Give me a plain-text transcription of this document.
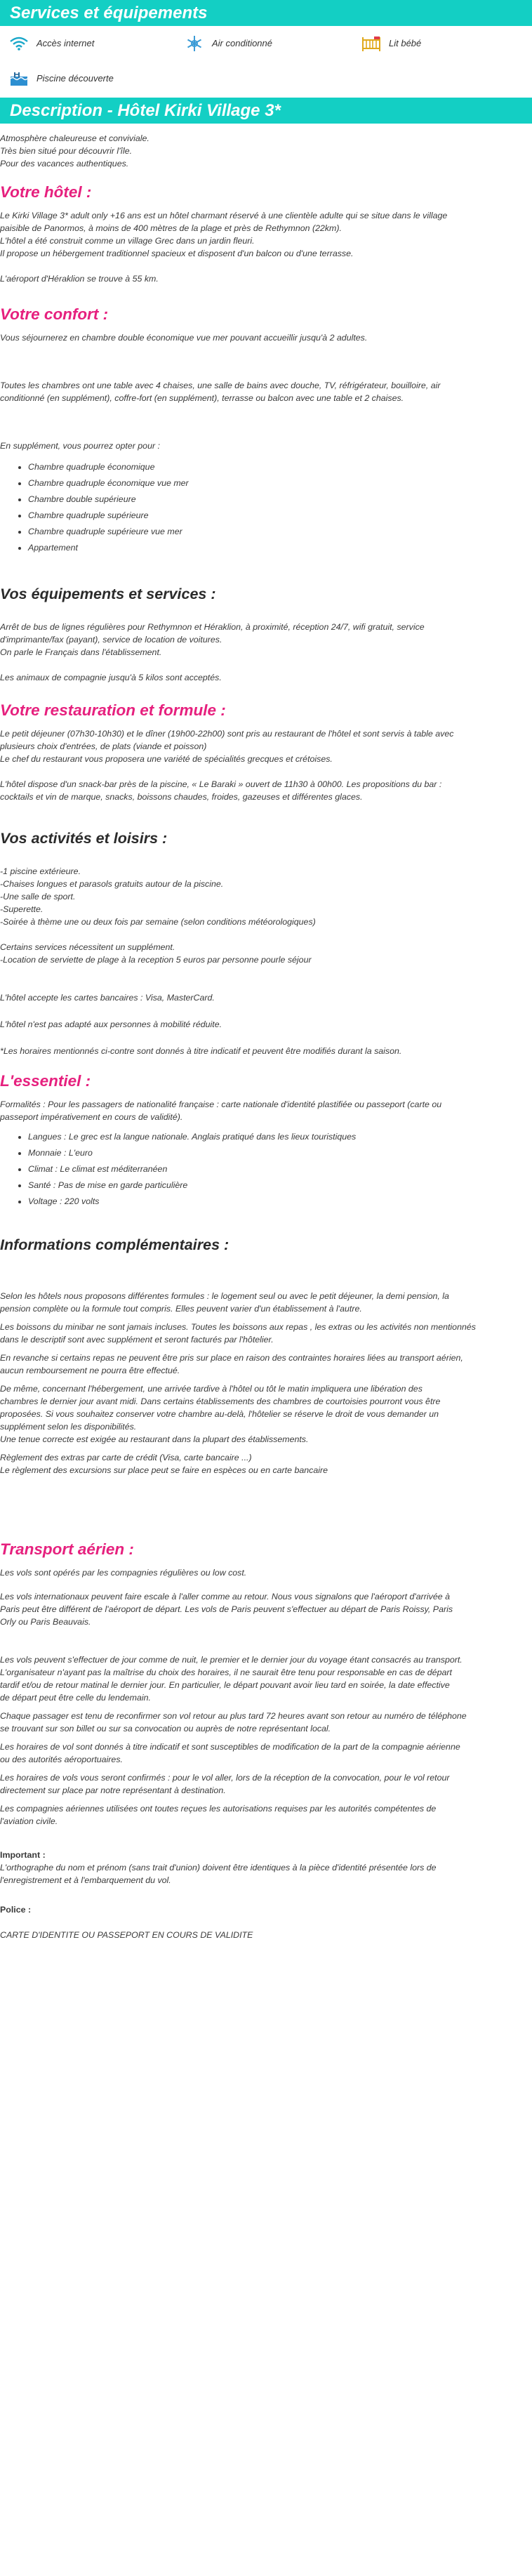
Services et équipements
Accès internet	Air conditionné	Lit bébé
Piscine découverte
Description - Hôtel Kirki Village 3*

Atmosphère chaleureuse et conviviale.

Très bien situé pour découvrir l'île.

Pour des vacances authentiques.

Votre hôtel :

Le Kirki Village 3* adult only +16 ans est un hôtel charmant réservé à une clientèle adulte qui se situe dans le village

paisible de Panormos, à moins de 400 mètres de la plage et près de Rethymnon (22km).

L'hôtel a été construit comme un village Grec dans un jardin fleuri.

Il propose un hébergement traditionnel spacieux et disposent d'un balcon ou d'une terrasse.

L'aéroport d'Héraklion se trouve à 55 km.

Votre confort :

Vous séjournerez en chambre double économique vue mer pouvant accueillir jusqu'à 2 adultes.

Toutes les chambres ont une table avec 4 chaises, une salle de bains avec douche, TV, réfrigérateur, bouilloire, air

conditionné (en supplément), coffre-fort (en supplément), terrasse ou balcon avec une table et 2 chaises.

En supplément, vous pourrez opter pour :

• Chambre quadruple économique
• Chambre quadruple économique vue mer
• Chambre double supérieure
• Chambre quadruple supérieure
• Chambre quadruple supérieure vue mer
• Appartement
Vos équipements et services :

Arrêt de bus de lignes régulières pour Rethymnon et Héraklion, à proximité, réception 24/7, wifi gratuit, service

d'imprimante/fax (payant), service de location de voitures.

On parle le Français dans l'établissement.

Les animaux de compagnie jusqu'à 5 kilos sont acceptés.

Votre restauration et formule :

Le petit déjeuner (07h30-10h30) et le dîner (19h00-22h00) sont pris au restaurant de l'hôtel et sont servis à table avec

plusieurs choix d'entrées, de plats (viande et poisson)

Le chef du restaurant vous proposera une variété de spécialités grecques et crétoises.

L'hôtel dispose d'un snack-bar près de la piscine, « Le Baraki » ouvert de 11h30 à 00h00. Les propositions du bar :

cocktails et vin de marque, snacks, boissons chaudes, froides, gazeuses et différentes glaces.

Vos activités et loisirs :

-1 piscine extérieure.

-Chaises longues et parasols gratuits autour de la piscine.

-Une salle de sport.

-Superette.

-Soirée à thème une ou deux fois par semaine (selon conditions météorologiques)

Certains services nécessitent un supplément.

-Location de serviette de plage à la reception 5 euros par personne pourle séjour

L'hôtel accepte les cartes bancaires : Visa, MasterCard.

L'hôtel n'est pas adapté aux personnes à mobilité réduite.

*Les horaires mentionnés ci-contre sont donnés à titre indicatif et peuvent être modifiés durant la saison.

L'essentiel :

Formalités : Pour les passagers de nationalité française : carte nationale d'identité plastifiée ou passeport (carte ou

passeport impérativement en cours de validité).

• Langues : Le grec est la langue nationale. Anglais pratiqué dans les lieux touristiques
• Monnaie : L'euro
• Climat : Le climat est méditerranéen
• Santé : Pas de mise en garde particulière
• Voltage : 220 volts
Informations complémentaires :

Selon les hôtels nous proposons différentes formules : le logement seul ou avec le petit déjeuner, la demi pension, la

pension complète ou la formule tout compris. Elles peuvent varier d'un établissement à l'autre.

Les boissons du minibar ne sont jamais incluses. Toutes les boissons aux repas , les extras ou les activités non mentionnés

dans le descriptif sont avec supplément et seront facturés par l'hôtelier.

En revanche si certains repas ne peuvent être pris sur place en raison des contraintes horaires liées au transport aérien,

aucun remboursement ne pourra être effectué.

De même, concernant l'hébergement, une arrivée tardive à l'hôtel ou tôt le matin impliquera une libération des

chambres le dernier jour avant midi. Dans certains établissements des chambres de courtoisies pourront vous être

proposées. Si vous souhaitez conserver votre chambre au-delà, l'hôtelier se réserve le droit de vous demander un

supplément selon les disponibilités.

Une tenue correcte est exigée au restaurant dans la plupart des établissements.

Règlement des extras par carte de crédit (Visa, carte bancaire ...)

Le règlement des excursions sur place peut se faire en espèces ou en carte bancaire

Transport aérien :

Les vols sont opérés par les compagnies régulières ou low cost.

Les vols internationaux peuvent faire escale à l'aller comme au retour. Nous vous signalons que l'aéroport d'arrivée à

Paris peut être différent de l'aéroport de départ. Les vols de Paris peuvent s'effectuer au départ de Paris Roissy, Paris

Orly ou Paris Beauvais.

Les vols peuvent s'effectuer de jour comme de nuit, le premier et le dernier jour du voyage étant consacrés au transport.

L'organisateur n'ayant pas la maîtrise du choix des horaires, il ne saurait être tenu pour responsable en cas de départ

tardif et/ou de retour matinal le dernier jour. En particulier, le départ pouvant avoir lieu tard en soirée, la date effective

de départ peut être celle du lendemain.

Chaque passager est tenu de reconfirmer son vol retour au plus tard 72 heures avant son retour au numéro de téléphone

se trouvant sur son billet ou sur sa convocation ou auprès de notre représentant local.

Les horaires de vol sont donnés à titre indicatif et sont susceptibles de modification de la part de la compagnie aérienne

ou des autorités aéroportuaires.

Les horaires de vols vous seront confirmés : pour le vol aller, lors de la réception de la convocation, pour le vol retour

directement sur place par notre représentant à destination.

Les compagnies aériennes utilisées ont toutes reçues les autorisations requises par les autorités compétentes de

l'aviation civile.

Important :

L'orthographe du nom et prénom (sans trait d'union) doivent être identiques à la pièce d'identité présentée lors de

l'enregistrement et à l'embarquement du vol.

Police :

CARTE D'IDENTITE OU PASSEPORT EN COURS DE VALIDITE
